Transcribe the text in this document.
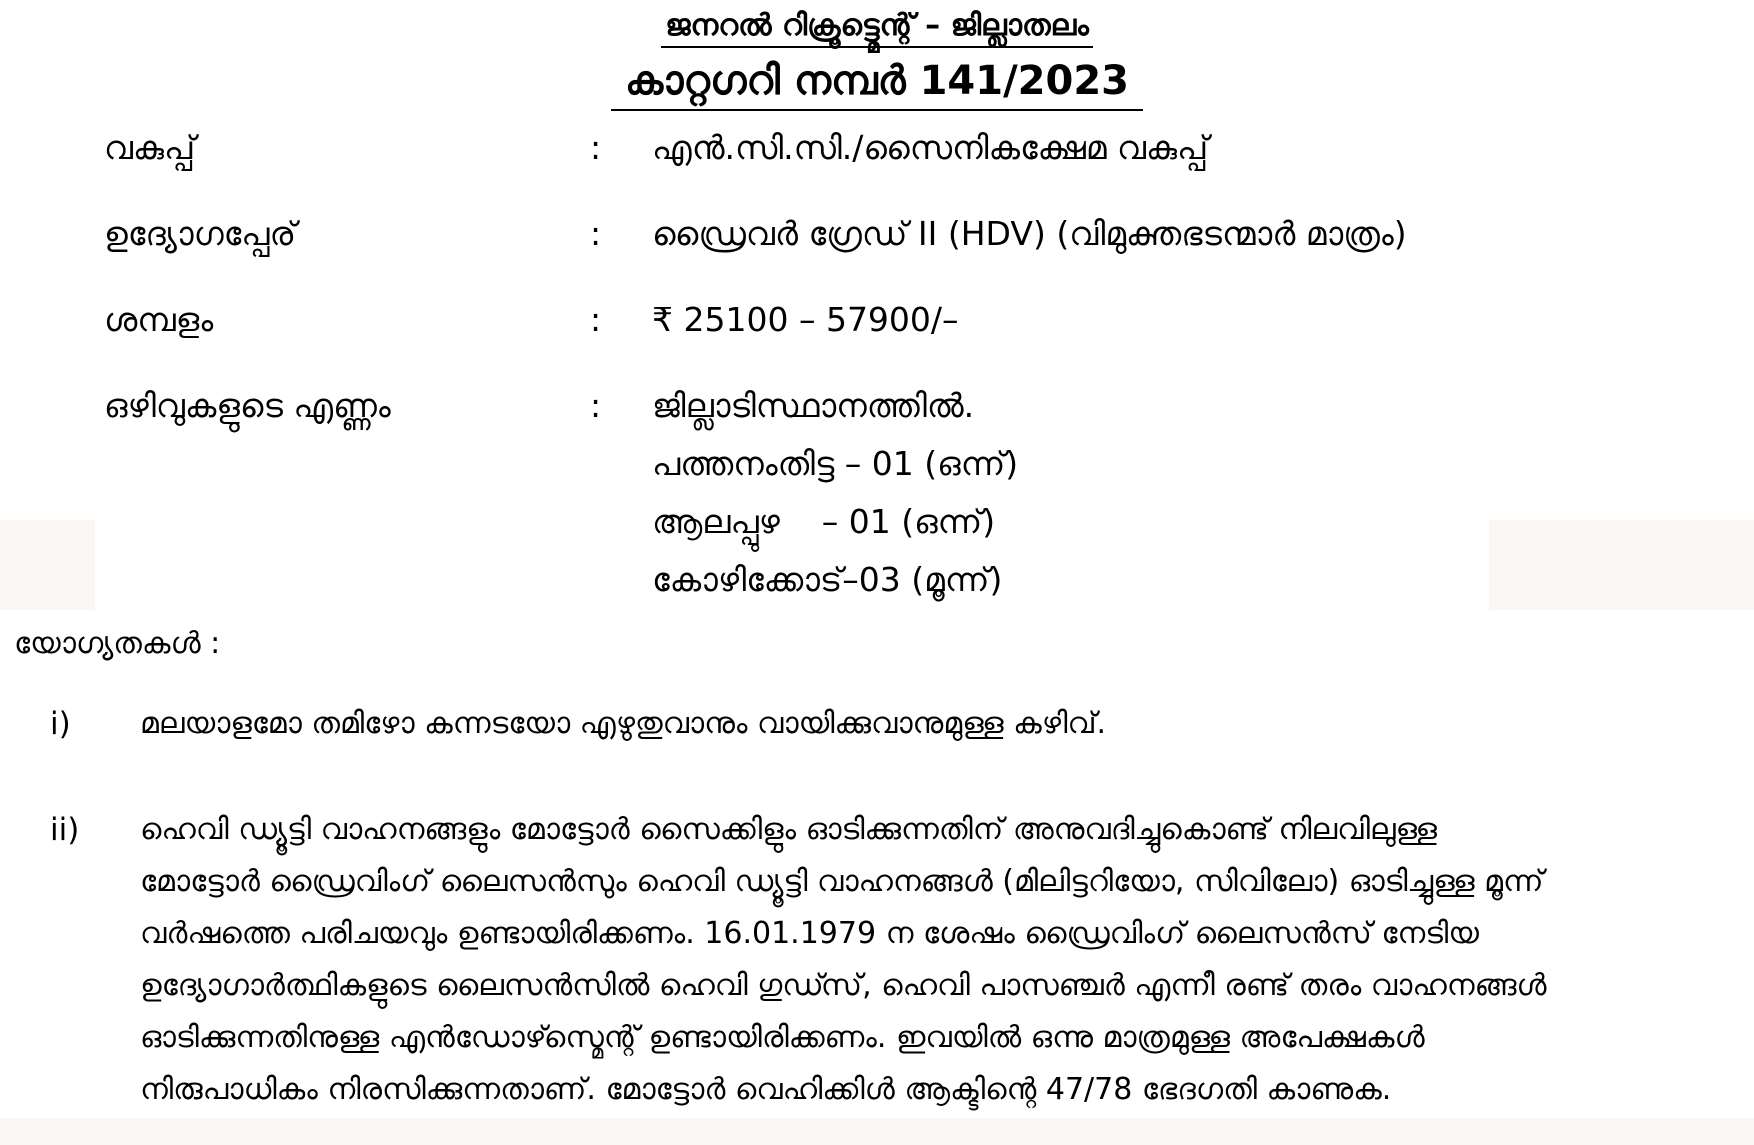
ജനറൽ റിക്രൂട്ട്മെന്റ് – ജില്ലാതലം
കാറ്റഗറി നമ്പർ 141/2023
വകുപ്പ്	: എൻ.സി.സി./സൈനികക്ഷേമ വകുപ്പ്
ഉദ്യോഗപ്പേര്	: ഡ്രൈവർ ഗ്രേഡ് II (HDV) (വിമുക്തഭടന്മാർ മാത്രം)
ശമ്പളം	: ₹ 25100 – 57900/–
ഒഴിവുകളുടെ എണ്ണം	: ജില്ലാടിസ്ഥാനത്തിൽ.
പത്തനംതിട്ട – 01 (ഒന്ന്)
ആലപ്പുഴ    – 01 (ഒന്ന്)
കോഴിക്കോട്–03 (മൂന്ന്)
യോഗ്യതകൾ :
i) മലയാളമോ തമിഴോ കന്നടയോ എഴുതുവാനും വായിക്കുവാനുമുള്ള കഴിവ്.

ii) ഹെവി ഡ്യൂട്ടി വാഹനങ്ങളും മോട്ടോർ സൈക്കിളും ഓടിക്കുന്നതിന് അനുവദിച്ചുകൊണ്ട് നിലവിലുള്ള

മോട്ടോർ ഡ്രൈവിംഗ് ലൈസൻസും ഹെവി ഡ്യൂട്ടി വാഹനങ്ങൾ (മിലിട്ടറിയോ, സിവിലോ) ഓടിച്ചുള്ള മൂന്ന്

വർഷത്തെ പരിചയവും ഉണ്ടായിരിക്കണം. 16.01.1979 ന ശേഷം ഡ്രൈവിംഗ് ലൈസൻസ് നേടിയ

ഉദ്യോഗാർത്ഥികളുടെ ലൈസൻസിൽ ഹെവി ഗുഡ്സ്, ഹെവി പാസഞ്ചർ എന്നീ രണ്ട് തരം വാഹനങ്ങൾ

ഓടിക്കുന്നതിനുള്ള എൻഡോഴ്സ്മെന്റ് ഉണ്ടായിരിക്കണം. ഇവയിൽ ഒന്നു മാത്രമുള്ള അപേക്ഷകൾ

നിരുപാധികം നിരസിക്കുന്നതാണ്. മോട്ടോർ വെഹിക്കിൾ ആക്ടിന്റെ 47/78 ഭേദഗതി കാണുക.
